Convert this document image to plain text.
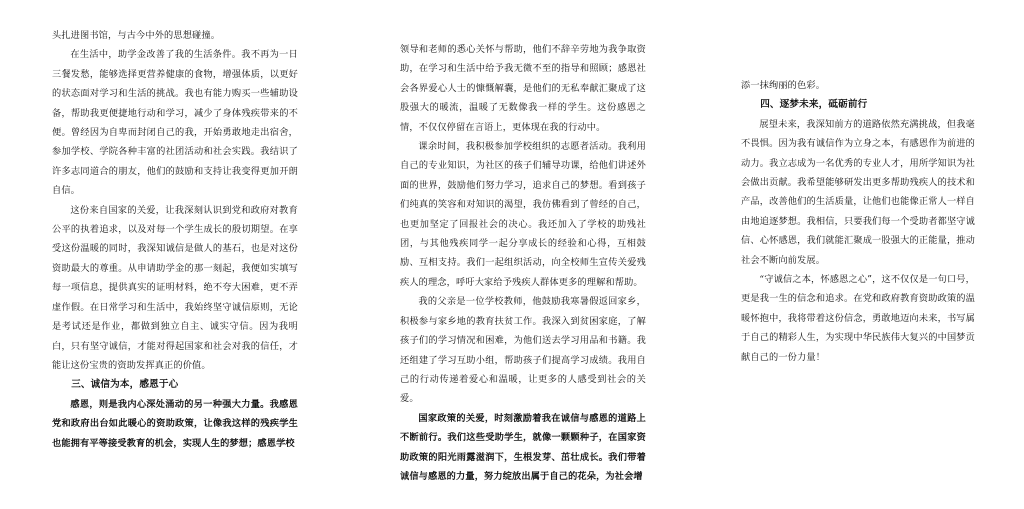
头扎进图书馆，与古今中外的思想碰撞。

在生活中，助学金改善了我的生活条件。我不再为一日三餐发愁，能够选择更营养健康的食物，增强体质，以更好的状态面对学习和生活的挑战。我也有能力购买一些辅助设备，帮助我更便捷地行动和学习，减少了身体残疾带来的不便。曾经因为自卑而封闭自己的我，开始勇敢地走出宿舍，参加学校、学院各种丰富的社团活动和社会实践。我结识了许多志同道合的朋友，他们的鼓励和支持让我变得更加开朗自信。

这份来自国家的关爱，让我深刻认识到党和政府对教育公平的执着追求，以及对每一个学生成长的殷切期望。在享受这份温暖的同时，我深知诚信是做人的基石，也是对这份资助最大的尊重。从申请助学金的那一刻起，我便如实填写每一项信息，提供真实的证明材料，绝不夸大困难，更不弄虚作假。在日常学习和生活中，我始终坚守诚信原则，无论是考试还是作业，都做到独立自主、诚实守信。因为我明白，只有坚守诚信，才能对得起国家和社会对我的信任，才能让这份宝贵的资助发挥真正的价值。

三、诚信为本，感恩于心

感恩，则是我内心深处涌动的另一种强大力量。我感恩党和政府出台如此暖心的资助政策，让像我这样的残疾学生也能拥有平等接受教育的机会，实现人生的梦想；感恩学校

领导和老师的悉心关怀与帮助，他们不辞辛劳地为我争取资助，在学习和生活中给予我无微不至的指导和照顾；感恩社会各界爱心人士的慷慨解囊，是他们的无私奉献汇聚成了这股强大的暖流，温暖了无数像我一样的学生。这份感恩之情，不仅仅停留在言语上，更体现在我的行动中。

课余时间，我积极参加学校组织的志愿者活动。我利用自己的专业知识，为社区的孩子们辅导功课，给他们讲述外面的世界，鼓励他们努力学习，追求自己的梦想。看到孩子们纯真的笑容和对知识的渴望，我仿佛看到了曾经的自己，也更加坚定了回报社会的决心。我还加入了学校的助残社团，与其他残疾同学一起分享成长的经验和心得，互相鼓励、互相支持。我们一起组织活动，向全校师生宣传关爱残疾人的理念，呼吁大家给予残疾人群体更多的理解和帮助。

我的父亲是一位学校教师，他鼓励我寒暑假返回家乡，积极参与家乡地的教育扶贫工作。我深入到贫困家庭，了解孩子们的学习情况和困难，为他们送去学习用品和书籍。我还组建了学习互助小组，帮助孩子们提高学习成绩。我用自己的行动传递着爱心和温暖，让更多的人感受到社会的关爱。

国家政策的关爱，时刻激励着我在诚信与感恩的道路上不断前行。我们这些受助学生，就像一颗颗种子，在国家资助政策的阳光雨露滋润下，生根发芽、茁壮成长。我们带着诚信与感恩的力量，努力绽放出属于自己的花朵，为社会增

添一抹绚丽的色彩。

四、逐梦未来，砥砺前行

展望未来，我深知前方的道路依然充满挑战，但我毫不畏惧。因为我有诚信作为立身之本，有感恩作为前进的动力。我立志成为一名优秀的专业人才，用所学知识为社会做出贡献。我希望能够研发出更多帮助残疾人的技术和产品，改善他们的生活质量，让他们也能像正常人一样自由地追逐梦想。我相信，只要我们每一个受助者都坚守诚信、心怀感恩，我们就能汇聚成一股强大的正能量，推动社会不断向前发展。

“守诚信之本，怀感恩之心”，这不仅仅是一句口号，更是我一生的信念和追求。在党和政府教育资助政策的温暖怀抱中，我将带着这份信念，勇敢地迈向未来，书写属于自己的精彩人生，为实现中华民族伟大复兴的中国梦贡献自己的一份力量！
